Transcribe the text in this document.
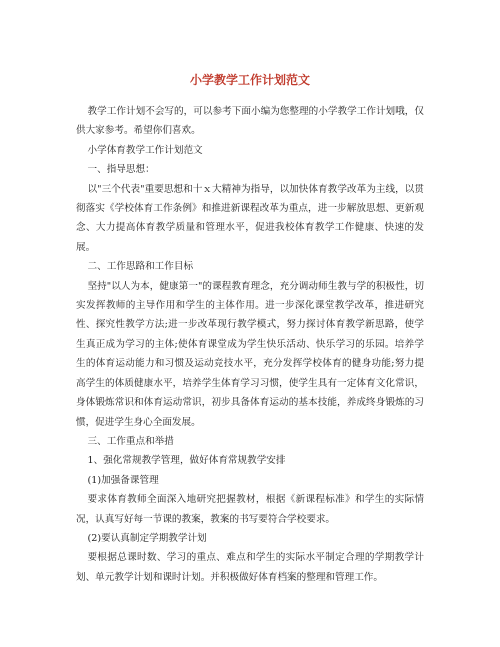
小学教学工作计划范文

教学工作计划不会写的，可以参考下面小编为您整理的小学教学工作计划哦，仅供大家参考。希望你们喜欢。

小学体育教学工作计划范文

一、指导思想：

以"三个代表"重要思想和十ｘ大精神为指导，以加快体育教学改革为主线，以贯彻落实《学校体育工作条例》和推进新课程改革为重点，进一步解放思想、更新观念、大力提高体育教学质量和管理水平，促进我校体育教学工作健康、快速的发展。

二、工作思路和工作目标

坚持"以人为本，健康第一"的课程教育理念，充分调动师生教与学的积极性，切实发挥教师的主导作用和学生的主体作用。进一步深化课堂教学改革，推进研究性、探究性教学方法;进一步改革现行教学模式，努力探讨体育教学新思路，使学生真正成为学习的主体;使体育课堂成为学生快乐活动、快乐学习的乐园。培养学生的体育运动能力和习惯及运动竞技水平，充分发挥学校体育的健身功能;努力提高学生的体质健康水平，培养学生体育学习习惯，使学生具有一定体育文化常识，身体锻炼常识和体育运动常识，初步具备体育运动的基本技能，养成终身锻炼的习惯，促进学生身心全面发展。

三、工作重点和举措

1、强化常规教学管理，做好体育常规教学安排

(1)加强备课管理

要求体育教师全面深入地研究把握教材，根据《新课程标准》和学生的实际情况，认真写好每一节课的教案，教案的书写要符合学校要求。

(2)要认真制定学期教学计划

要根据总课时数、学习的重点、难点和学生的实际水平制定合理的学期教学计划、单元教学计划和课时计划。并积极做好体育档案的整理和管理工作。
